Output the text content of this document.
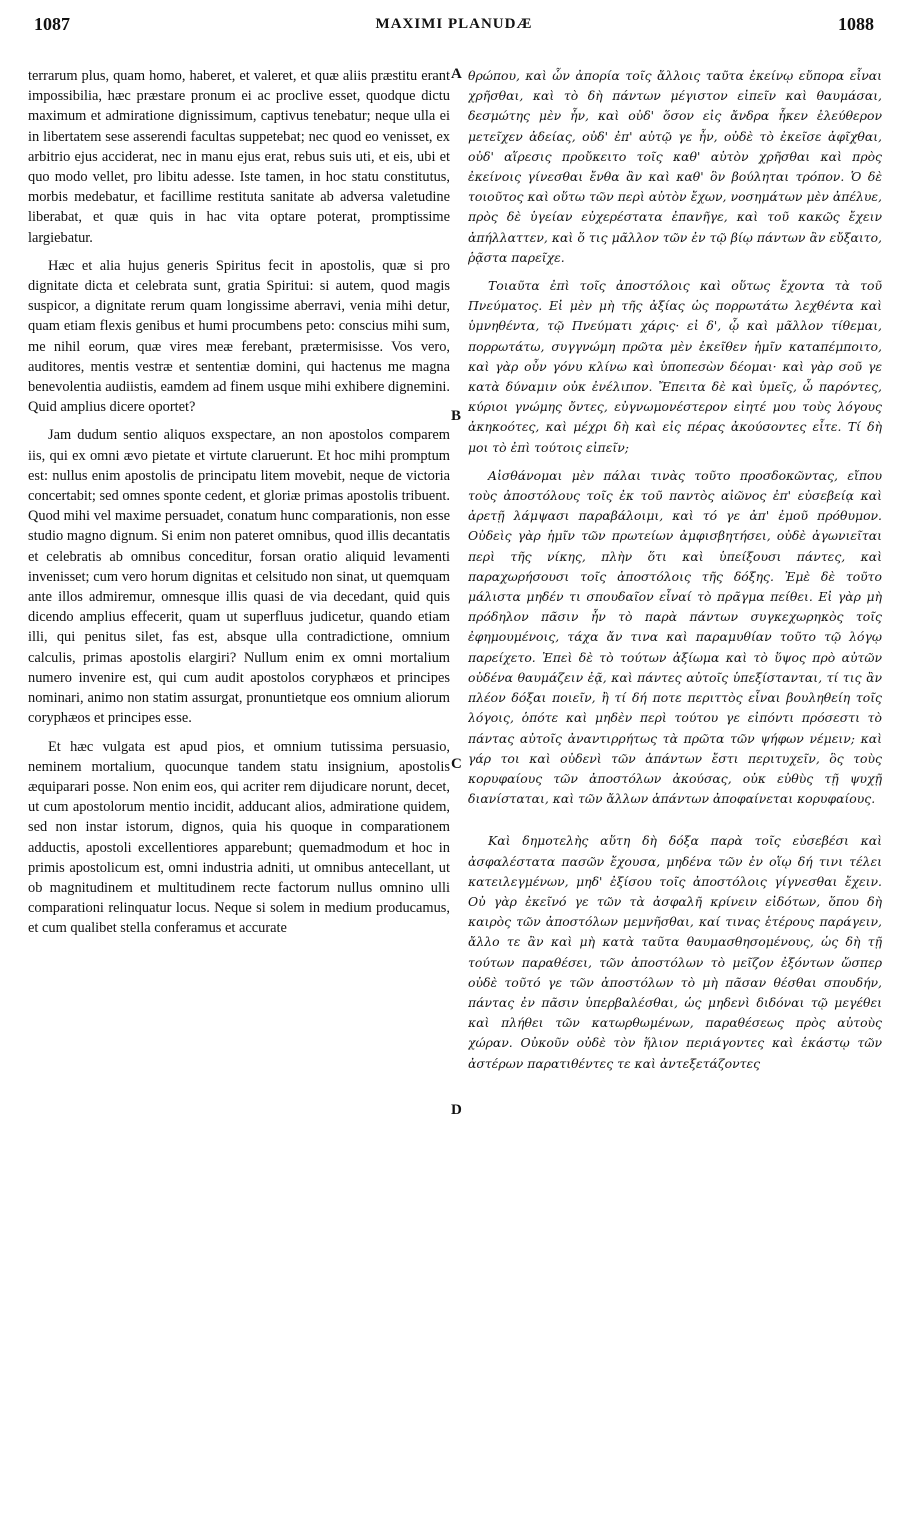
1087	MAXIMI PLANUDÆ	1088

terrarum plus, quam homo, haberet, et valeret, et quæ aliis præstitu erant impossibilia, hæc præstare pronum ei ac proclive esset, quodque dictu maximum et admiratione dignissimum, captivus tenebatur; neque ulla ei in libertatem sese asserendi facultas suppetebat; nec quod eo venisset, ex arbitrio ejus acciderat, nec in manu ejus erat, rebus suis uti, et eis, ubi et quo modo vellet, pro libitu adesse. Iste tamen, in hoc statu constitutus, morbis medebatur, et facillime restituta sanitate ab adversa valetudine liberabat, et quæ quis in hac vita optare poterat, promptissime largiebatur.

Hæc et alia hujus generis Spiritus fecit in apostolis, quæ si pro dignitate dicta et celebrata sunt, gratia Spiritui: si autem, quod magis suspicor, a dignitate rerum quam longissime aberravi, venia mihi detur, quam etiam flexis genibus et humi procumbens peto: conscius mihi sum, me nihil eorum, quæ vires meæ ferebant, prætermisisse. Vos vero, auditores, mentis vestræ et sententiæ domini, qui hactenus me magna benevolentia audiistis, eamdem ad finem usque mihi exhibere dignemini. Quid amplius dicere oportet?

Jam dudum sentio aliquos exspectare, an non apostolos comparem iis, qui ex omni ævo pietate et virtute claruerunt. Et hoc mihi promptum est: nullus enim apostolis de principatu litem movebit, neque de victoria concertabit; sed omnes sponte cedent, et gloriæ primas apostolis tribuent. Quod mihi vel maxime persuadet, conatum hunc comparationis, non esse studio magno dignum. Si enim non pateret omnibus, quod illis decantatis et celebratis ab omnibus conceditur, forsan oratio aliquid levamenti invenisset; cum vero horum dignitas et celsitudo non sinat, ut quemquam ante illos admiremur, omnesque illis quasi de via decedant, quid quis dicendo amplius effecerit, quam ut superfluus judicetur, quando etiam illi, qui penitus silet, fas est, absque ulla contradictione, omnium calculis, primas apostolis elargiri? Nullum enim ex omni mortalium numero invenire est, qui cum audit apostolos coryphæos et principes nominari, animo non statim assurgat, pronuntietque eos omnium aliorum coryphæos et principes esse.

Et hæc vulgata est apud pios, et omnium tutissima persuasio, neminem mortalium, quocunque tandem statu insignium, apostolis æquiparari posse. Non enim eos, qui acriter rem dijudicare norunt, decet, ut cum apostolorum mentio incidit, adducant alios, admiratione quidem, sed non instar istorum, dignos, quia his quoque in comparationem adductis, apostoli excellentiores apparebunt; quemadmodum et hoc in primis apostolicum est, omni industria adniti, ut omnibus antecellant, ut ob magnitudinem et multitudinem recte factorum nullus omnino ulli comparationi relinquatur locus. Neque si solem in medium producamus, et cum qualibet stella conferamus et accurate

A
B
C
D

θρώπου, καὶ ὧν ἀπορία τοῖς ἄλλοις ταῦτα ἐκείνῳ εὔπορα εἶναι χρῆσθαι, καὶ τὸ δὴ πάντων μέγιστον εἰπεῖν καὶ θαυμάσαι, δεσμώτης μὲν ἦν, καὶ οὐδ' ὅσον εἰς ἄνδρα ἧκεν ἐλεύθερον μετεῖχεν ἀδείας, οὐδ' ἐπ' αὐτῷ γε ἦν, οὐδὲ τὸ ἐκεῖσε ἀφῖχθαι, οὐδ' αἵρεσις προὔκειτο τοῖς καθ' αὑτὸν χρῆσθαι καὶ πρὸς ἐκείνοις γίνεσθαι ἔνθα ἂν καὶ καθ' ὃν βούληται τρόπον. Ὁ δὲ τοιοῦτος καὶ οὕτω τῶν περὶ αὐτὸν ἔχων, νοσημάτων μὲν ἀπέλυε, πρὸς δὲ ὑγείαν εὐχερέστατα ἐπανῆγε, καὶ τοῦ κακῶς ἔχειν ἀπήλλαττεν, καὶ ὅ τις μᾶλλον τῶν ἐν τῷ βίῳ πάντων ἂν εὔξαιτο, ῥᾷστα παρεῖχε.

Τοιαῦτα ἐπὶ τοῖς ἀποστόλοις καὶ οὕτως ἔχοντα τὰ τοῦ Πνεύματος. Εἰ μὲν μὴ τῆς ἀξίας ὡς πορρωτάτω λεχθέντα καὶ ὑμνηθέντα, τῷ Πνεύματι χάρις· εἰ δ', ᾧ καὶ μᾶλλον τίθεμαι, πορρωτάτω, συγγνώμη πρῶτα μὲν ἐκεῖθεν ἡμῖν καταπέμποιτο, καὶ γὰρ οὖν γόνυ κλίνω καὶ ὑποπεσὼν δέομαι· καὶ γὰρ σοῦ γε κατὰ δύναμιν οὐκ ἐνέλιπον. Ἔπειτα δὲ καὶ ὑμεῖς, ὦ παρόντες, κύριοι γνώμης ὄντες, εὐγνωμονέστερον εἰητέ μου τοὺς λόγους ἀκηκοότες, καὶ μέχρι δὴ καὶ εἰς πέρας ἀκούσοντες εἶτε. Τί δὴ μοι τὸ ἐπὶ τούτοις εἰπεῖν;

Αἰσθάνομαι μὲν πάλαι τινὰς τοῦτο προσδοκῶντας, εἴπου τοὺς ἀποστόλους τοῖς ἐκ τοῦ παντὸς αἰῶνος ἐπ' εὐσεβείᾳ καὶ ἀρετῇ λάμψασι παραβάλοιμι, καὶ τό γε ἀπ' ἐμοῦ πρόθυμον. Οὐδεὶς γὰρ ἡμῖν τῶν πρωτείων ἀμφισβητήσει, οὐδὲ ἀγωνιεῖται περὶ τῆς νίκης, πλὴν ὅτι καὶ ὑπείξουσι πάντες, καὶ παραχωρήσουσι τοῖς ἀποστόλοις τῆς δόξης. Ἐμὲ δὲ τοῦτο μάλιστα μηδέν τι σπουδαῖον εἶναί τὸ πρᾶγμα πείθει. Εἰ γὰρ μὴ πρόδηλον πᾶσιν ἦν τὸ παρὰ πάντων συγκεχωρηκὸς τοῖς ἐφημουμένοις, τάχα ἄν τινα καὶ παραμυθίαν τοῦτο τῷ λόγῳ παρείχετο. Ἐπεὶ δὲ τὸ τούτων ἀξίωμα καὶ τὸ ὕψος πρὸ αὐτῶν οὐδένα θαυμάζειν ἐᾷ, καὶ πάντες αὐτοῖς ὑπεξίστανται, τί τις ἂν πλέον δόξαι ποιεῖν, ἢ τί δή ποτε περιττὸς εἶναι βουληθείη τοῖς λόγοις, ὁπότε καὶ μηδὲν περὶ τούτου γε εἰπόντι πρόσεστι τὸ πάντας αὐτοῖς ἀναντιρρήτως τὰ πρῶτα τῶν ψήφων νέμειν; καὶ γάρ τοι καὶ οὐδενὶ τῶν ἁπάντων ἔστι περιτυχεῖν, ὃς τοὺς κορυφαίους τῶν ἀποστόλων ἀκούσας, οὐκ εὐθὺς τῇ ψυχῇ διανίσταται, καὶ τῶν ἄλλων ἁπάντων ἀποφαίνεται κορυφαίους.

Καὶ δημοτελὴς αὕτη δὴ δόξα παρὰ τοῖς εὐσεβέσι καὶ ἀσφαλέστατα πασῶν ἔχουσα, μηδένα τῶν ἐν οἵῳ δή τινι τέλει κατειλεγμένων, μηδ' ἐξίσου τοῖς ἀποστόλοις γίγνεσθαι ἔχειν. Οὐ γὰρ ἐκεῖνό γε τῶν τὰ ἀσφαλῆ κρίνειν εἰδότων, ὅπου δὴ καιρὸς τῶν ἀποστόλων μεμνῆσθαι, καί τινας ἑτέρους παράγειν, ἄλλο τε ἂν καὶ μὴ κατὰ ταῦτα θαυμασθησομένους, ὡς δὴ τῇ τούτων παραθέσει, τῶν ἀποστόλων τὸ μεῖζον ἐξόντων ὥσπερ οὐδὲ τοῦτό γε τῶν ἀποστόλων τὸ μὴ πᾶσαν θέσθαι σπουδήν, πάντας ἐν πᾶσιν ὑπερβαλέσθαι, ὡς μηδενὶ διδόναι τῷ μεγέθει καὶ πλήθει τῶν κατωρθωμένων, παραθέσεως πρὸς αὐτοὺς χώραν. Οὐκοῦν οὐδὲ τὸν ἥλιον περιάγοντες καὶ ἑκάστῳ τῶν ἀστέρων παρατιθέντες τε καὶ ἀντεξετάζοντες
